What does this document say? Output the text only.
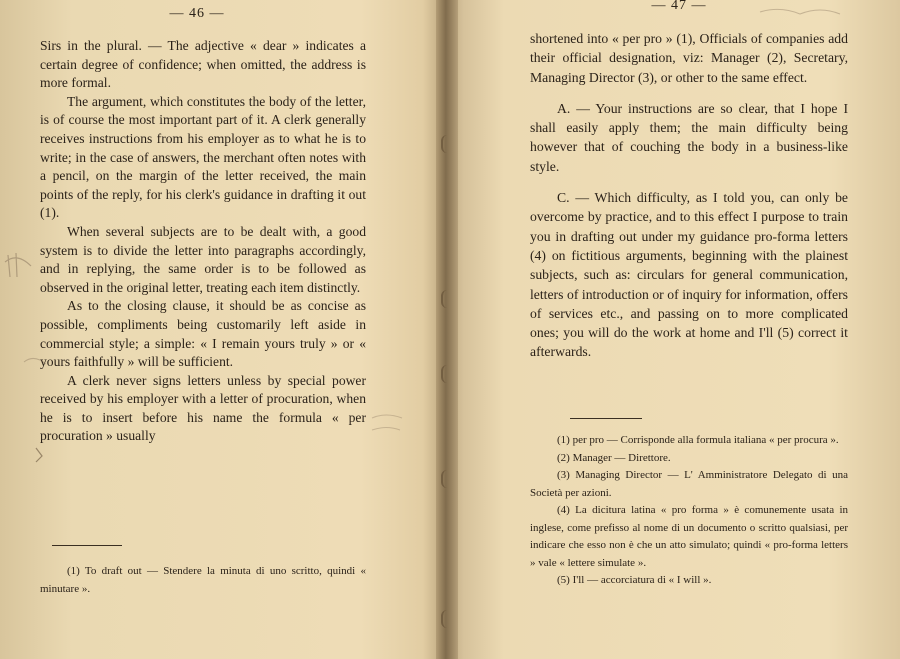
— 46 —

Sirs in the plural. — The adjective « dear » indicates a certain degree of confidence; when omitted, the address is more formal.

The argument, which constitutes the body of the letter, is of course the most important part of it. A clerk generally receives instructions from his employer as to what he is to write; in the case of answers, the merchant often notes with a pencil, on the margin of the letter received, the main points of the reply, for his clerk's guidance in drafting it out (1).

When several subjects are to be dealt with, a good system is to divide the letter into paragraphs accordingly, and in replying, the same order is to be followed as observed in the original letter, treating each item distinctly.

As to the closing clause, it should be as concise as possible, compliments being customarily left aside in commercial style; a simple: « I remain yours truly » or « yours faithfully » will be sufficient.

A clerk never signs letters unless by special power received by his employer with a letter of procuration, when he is to insert before his name the formula « per procuration » usually

(1) To draft out — Stendere la minuta di uno scritto, quindi « minutare ».

— 47 —

shortened into « per pro » (1), Officials of companies add their official designation, viz: Manager (2), Secretary, Managing Director (3), or other to the same effect.

A. — Your instructions are so clear, that I hope I shall easily apply them; the main difficulty being however that of couching the body in a business-like style.

C. — Which difficulty, as I told you, can only be overcome by practice, and to this effect I purpose to train you in drafting out under my guidance pro-forma letters (4) on fictitious arguments, beginning with the plainest subjects, such as: circulars for general communication, letters of introduction or of inquiry for information, offers of services etc., and passing on to more complicated ones; you will do the work at home and I'll (5) correct it afterwards.

(1) per pro — Corrisponde alla formula italiana « per procura ».

(2) Manager — Direttore.

(3) Managing Director — L' Amministratore Delegato di una Società per azioni.

(4) La dicitura latina « pro forma » è comunemente usata in inglese, come prefisso al nome di un documento o scritto qualsiasi, per indicare che esso non è che un atto simulato; quindi « pro-forma letters » vale « lettere simulate ».

(5) I'll — accorciatura di « I will ».
